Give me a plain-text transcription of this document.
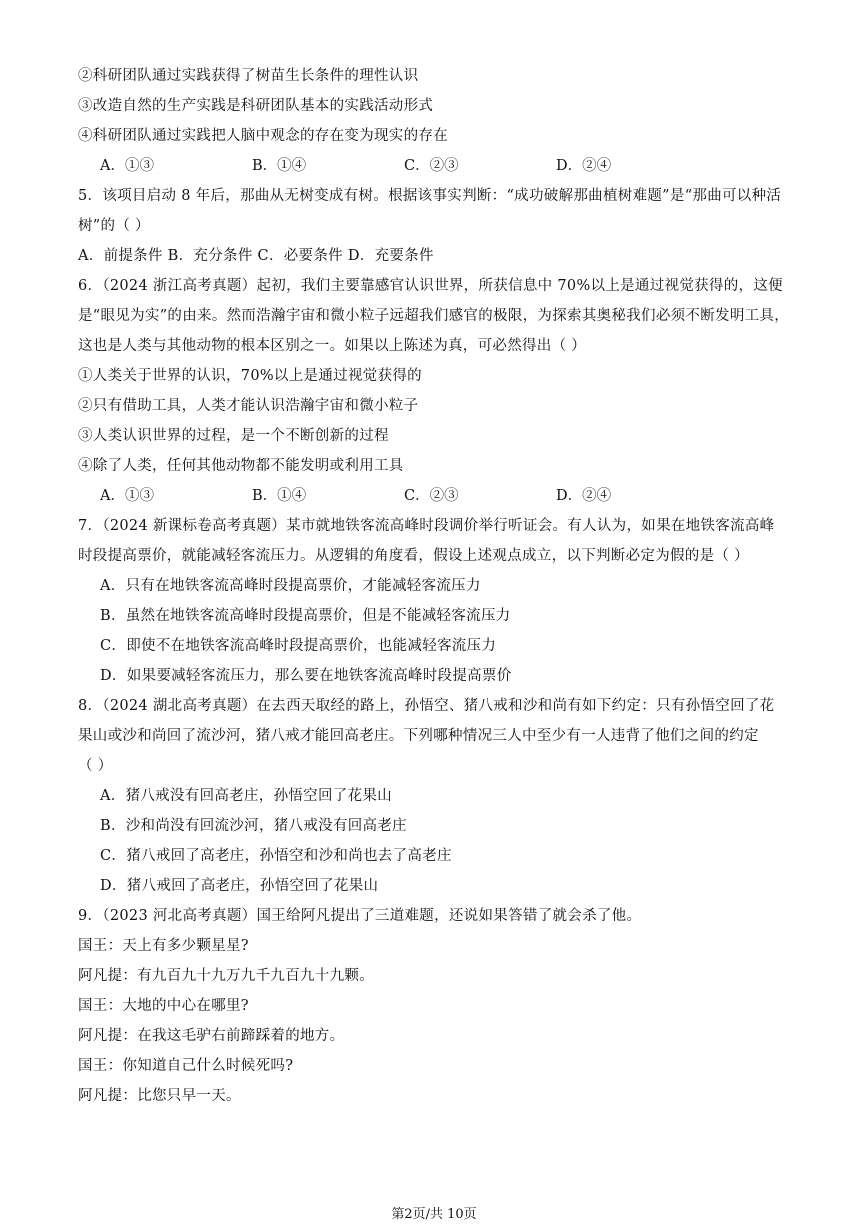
②科研团队通过实践获得了树苗生长条件的理性认识
③改造自然的生产实践是科研团队基本的实践活动形式
④科研团队通过实践把人脑中观念的存在变为现实的存在
A．①③	B．①④	C．②③	D．②④
5．该项目启动 8 年后，那曲从无树变成有树。根据该事实判断：“成功破解那曲植树难题”是“那曲可以种活
树”的（ ）
A．前提条件 B．充分条件 C．必要条件 D．充要条件
6．（2024 浙江高考真题）起初，我们主要靠感官认识世界，所获信息中 70%以上是通过视觉获得的，这便
是“眼见为实”的由来。然而浩瀚宇宙和微小粒子远超我们感官的极限，为探索其奥秘我们必须不断发明工具，
这也是人类与其他动物的根本区别之一。如果以上陈述为真，可必然得出（ ）
①人类关于世界的认识，70%以上是通过视觉获得的
②只有借助工具，人类才能认识浩瀚宇宙和微小粒子
③人类认识世界的过程，是一个不断创新的过程
④除了人类，任何其他动物都不能发明或利用工具
A．①③	B．①④	C．②③	D．②④
7．（2024 新课标卷高考真题）某市就地铁客流高峰时段调价举行听证会。有人认为，如果在地铁客流高峰
时段提高票价，就能减轻客流压力。从逻辑的角度看，假设上述观点成立，以下判断必定为假的是（ ）
A．只有在地铁客流高峰时段提高票价，才能减轻客流压力
B．虽然在地铁客流高峰时段提高票价，但是不能减轻客流压力
C．即使不在地铁客流高峰时段提高票价，也能减轻客流压力
D．如果要减轻客流压力，那么要在地铁客流高峰时段提高票价
8．（2024 湖北高考真题）在去西天取经的路上，孙悟空、猪八戒和沙和尚有如下约定：只有孙悟空回了花
果山或沙和尚回了流沙河，猪八戒才能回高老庄。下列哪种情况三人中至少有一人违背了他们之间的约定
（ ）
A．猪八戒没有回高老庄，孙悟空回了花果山
B．沙和尚没有回流沙河，猪八戒没有回高老庄
C．猪八戒回了高老庄，孙悟空和沙和尚也去了高老庄
D．猪八戒回了高老庄，孙悟空回了花果山
9．（2023 河北高考真题）国王给阿凡提出了三道难题，还说如果答错了就会杀了他。
国王：天上有多少颗星星?
阿凡提：有九百九十九万九千九百九十九颗。
国王：大地的中心在哪里?
阿凡提：在我这毛驴右前蹄踩着的地方。
国王：你知道自己什么时候死吗?
阿凡提：比您只早一天。
第2页/共 10页
